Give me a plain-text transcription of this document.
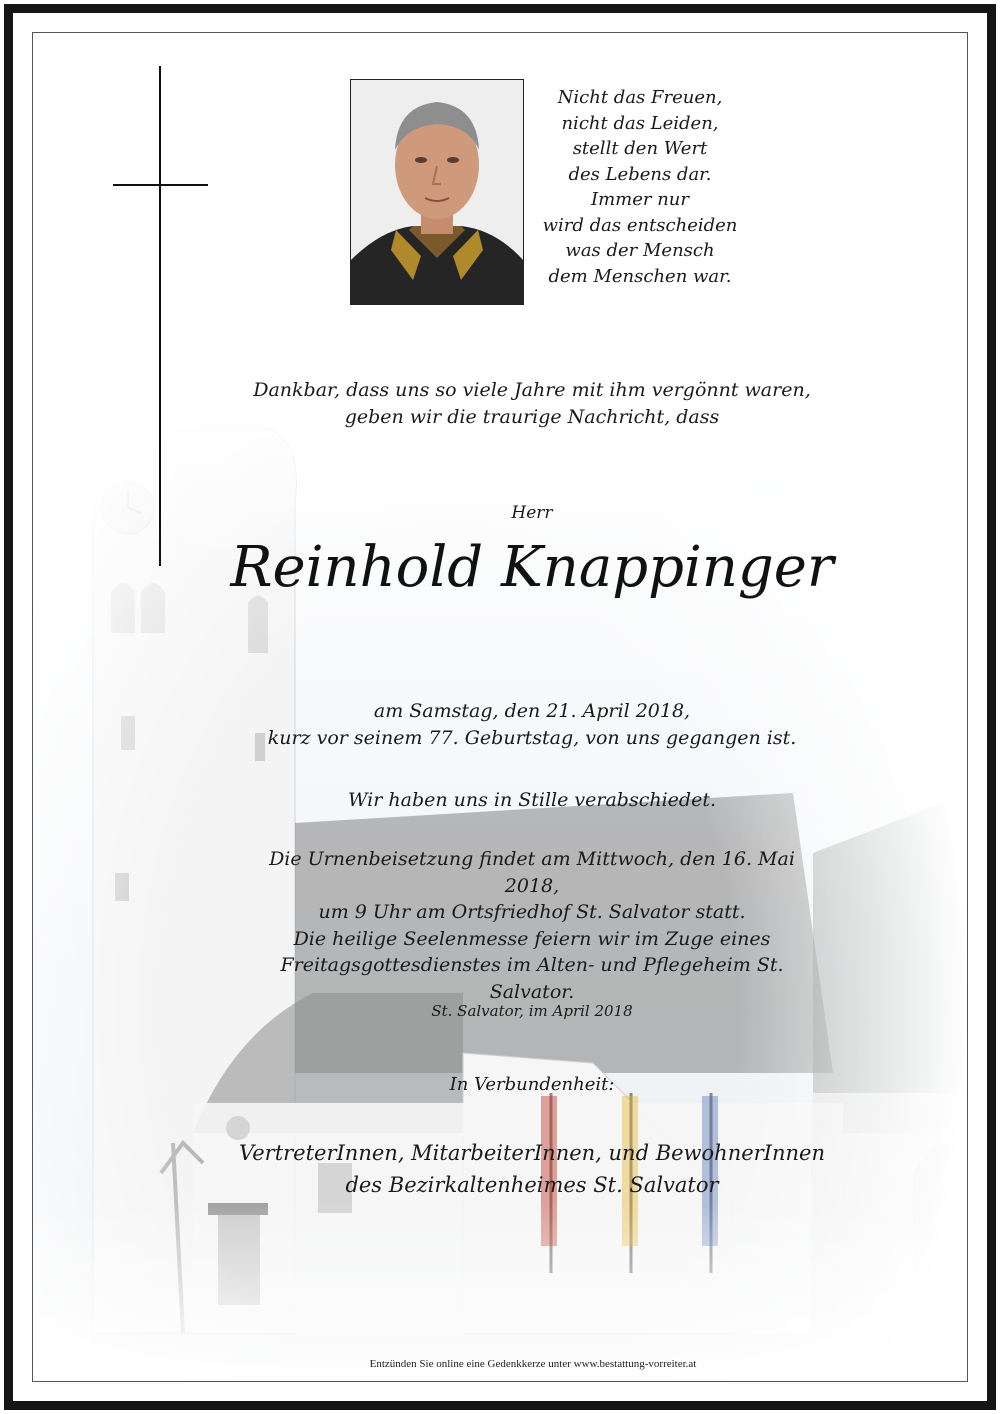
Nicht das Freuen,
nicht das Leiden,
stellt den Wert
des Lebens dar.
Immer nur
wird das entscheiden
was der Mensch
dem Menschen war.
Dankbar, dass uns so viele Jahre mit ihm vergönnt waren,
geben wir die traurige Nachricht, dass
Herr
Reinhold Knappinger
am Samstag, den 21. April 2018,
kurz vor seinem 77. Geburtstag, von uns gegangen ist.
Wir haben uns in Stille verabschiedet.
Die Urnenbeisetzung findet am Mittwoch, den 16. Mai 2018,
um 9 Uhr am Ortsfriedhof St. Salvator statt.
Die heilige Seelenmesse feiern wir im Zuge eines
Freitagsgottesdienstes im Alten- und Pflegeheim St. Salvator.
St. Salvator, im April 2018
In Verbundenheit:
VertreterInnen, MitarbeiterInnen, und BewohnerInnen
des Bezirkaltenheimes St. Salvator
Entzünden Sie online eine Gedenkkerze unter www.bestattung-vorreiter.at
